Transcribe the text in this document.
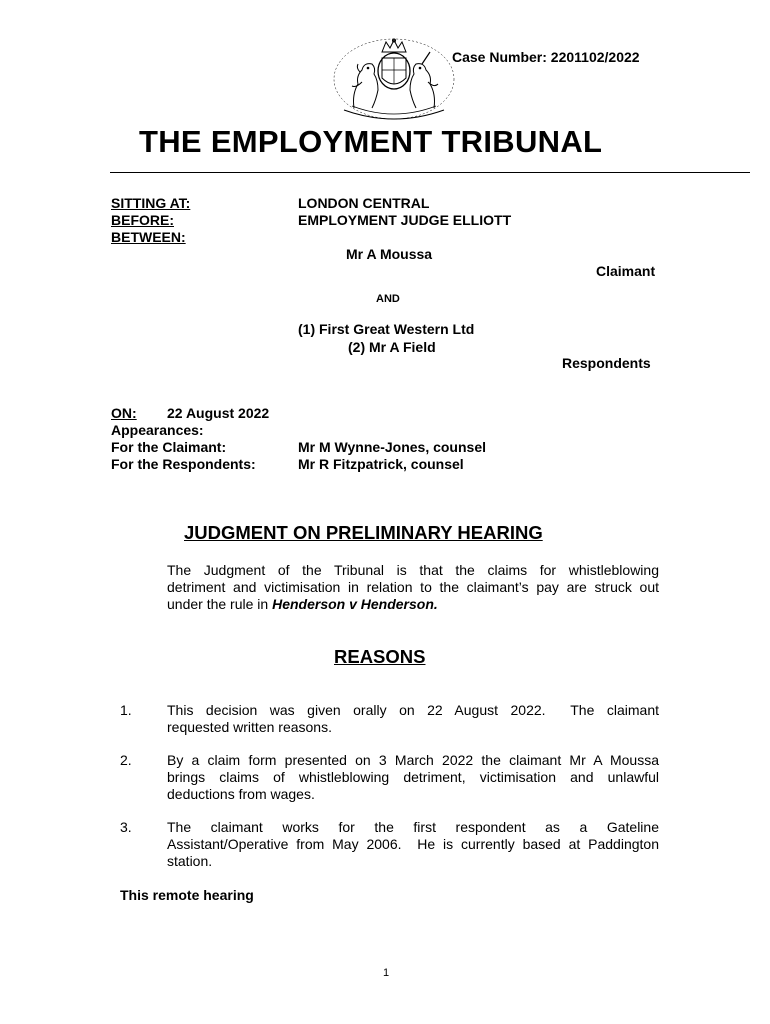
Case Number: 2201102/2022
THE EMPLOYMENT TRIBUNAL
SITTING AT:	LONDON CENTRAL
BEFORE:	EMPLOYMENT JUDGE ELLIOTT
BETWEEN:
Mr A Moussa
Claimant
AND
(1) First Great Western Ltd
(2) Mr A Field
Respondents
ON: 22 August 2022
Appearances:
For the Claimant:	Mr M Wynne-Jones, counsel
For the Respondents:	Mr R Fitzpatrick, counsel
JUDGMENT ON PRELIMINARY HEARING
The Judgment of the Tribunal is that the claims for whistleblowing
detriment and victimisation in relation to the claimant’s pay are struck out
under the rule in Henderson v Henderson.
REASONS
1.	This decision was given orally on 22 August 2022.  The claimant
requested written reasons.
2.	By a claim form presented on 3 March 2022 the claimant Mr A Moussa
brings claims of whistleblowing detriment, victimisation and unlawful
deductions from wages.
3.	The claimant works for the first respondent as a Gateline
Assistant/Operative from May 2006.  He is currently based at Paddington
station.
This remote hearing
1
